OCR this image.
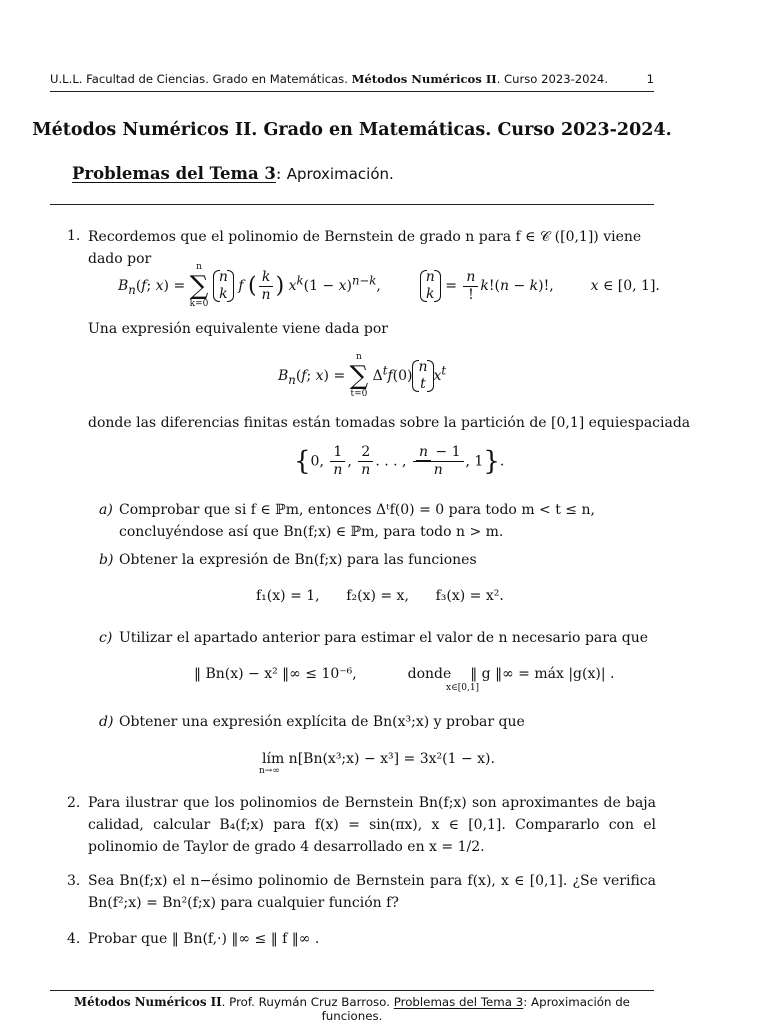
U.L.L. Facultad de Ciencias. Grado en Matemáticas. Métodos Numéricos II. Curso 2023-2024.	1
Métodos Numéricos II. Grado en Matemáticas. Curso 2023-2024.
Problemas del Tema 3: Aproximación.
1. Recordemos que el polinomio de Bernstein de grado n para f ∈ 𝒞 ([0,1]) viene dado por
$B_n(f$; x) =
n
∑
k=0

n
k f ( $\frac{k}{n}$ ) $x^k(1 - x)^{n-k}$,
n
k =
n
!k!(n − k)!,  x ∈ [0, 1].
Una expresión equivalente viene dada por
$B_n(f$; x) =
n
∑
t=0
$\Delta^tf(0)$
n
t $x^t$
donde las diferencias finitas están tomadas sobre la partición de [0,1] equiespaciada
{0, $\frac{1}{n}$ , $\frac{2}{n}$ . . . , $\frac{n - 1}{n}$ , 1}.
a) Comprobar que si f ∈ ℙm, entonces Δᵗf(0) = 0 para todo m < t ≤ n, concluyéndose así que Bn(f;x) ∈ ℙm, para todo n > m.
b) Obtener la expresión de Bn(f;x) para las funciones
f₁(x) = 1,      f₂(x) = x,      f₃(x) = x².
c) Utilizar el apartado anterior para estimar el valor de n necesario para que
‖ Bn(x) − x² ‖∞ ≤ 10⁻⁶,	donde ‖ g ‖∞ = máx |g(x)| .
x∈[0,1]
d) Obtener una expresión explícita de Bn(x³;x) y probar que
lím n[Bn(x³;x) − x³] = 3x²(1 − x).
n→∞
2. Para ilustrar que los polinomios de Bernstein Bn(f;x) son aproximantes de baja calidad, calcular B₄(f;x) para f(x) = sin(πx), x ∈ [0,1]. Compararlo con el polinomio de Taylor de grado 4 desarrollado en x = 1/2.
3. Sea Bn(f;x) el n−ésimo polinomio de Bernstein para f(x), x ∈ [0,1]. ¿Se verifica Bn(f²;x) = Bn²(f;x) para cualquier función f?
4. Probar que ‖ Bn(f,·) ‖∞ ≤ ‖ f ‖∞ .
Métodos Numéricos II. Prof. Ruymán Cruz Barroso. Problemas del Tema 3: Aproximación de funciones.
